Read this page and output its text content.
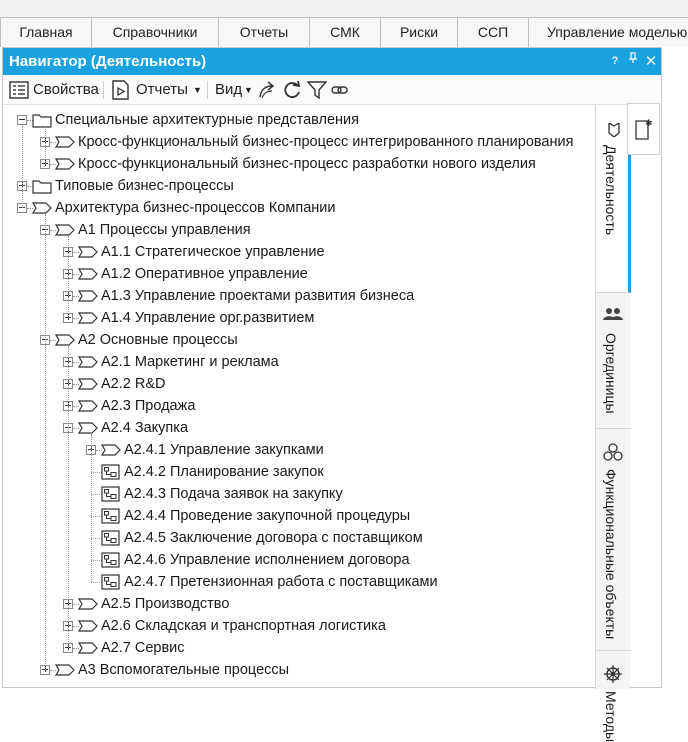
Главная	Справочники	Отчеты	СМК	Риски	ССП	Управление моделью
Навигатор (Деятельность)	?	✕
Свойства Отчеты ▼ Вид ▼
Специальные архитектурные представления
Кросс-функциональный бизнес-процесс интегрированного планирования
Кросс-функциональный бизнес-процесс разработки нового изделия
Типовые бизнес-процессы
Архитектура бизнес-процессов Компании
А1 Процессы управления
А1.1 Стратегическое управление
А1.2 Оперативное управление
А1.3 Управление проектами развития бизнеса
А1.4 Управление орг.развитием
А2 Основные процессы
А2.1 Маркетинг и реклама
А2.2 R&D
А2.3 Продажа
А2.4 Закупка
А2.4.1 Управление закупками
А2.4.2 Планирование закупок
А2.4.3 Подача заявок на закупку
А2.4.4 Проведение закупочной процедуры
А2.4.5 Заключение договора с поставщиком
А2.4.6 Управление исполнением договора
А2.4.7 Претензионная работа с поставщиками
А2.5 Производство
А2.6 Складская и транспортная логистика
А2.7 Сервис
А3 Вспомогательные процессы
Деятельность
Оргединицы
Функциональные объекты
Методы
✱
